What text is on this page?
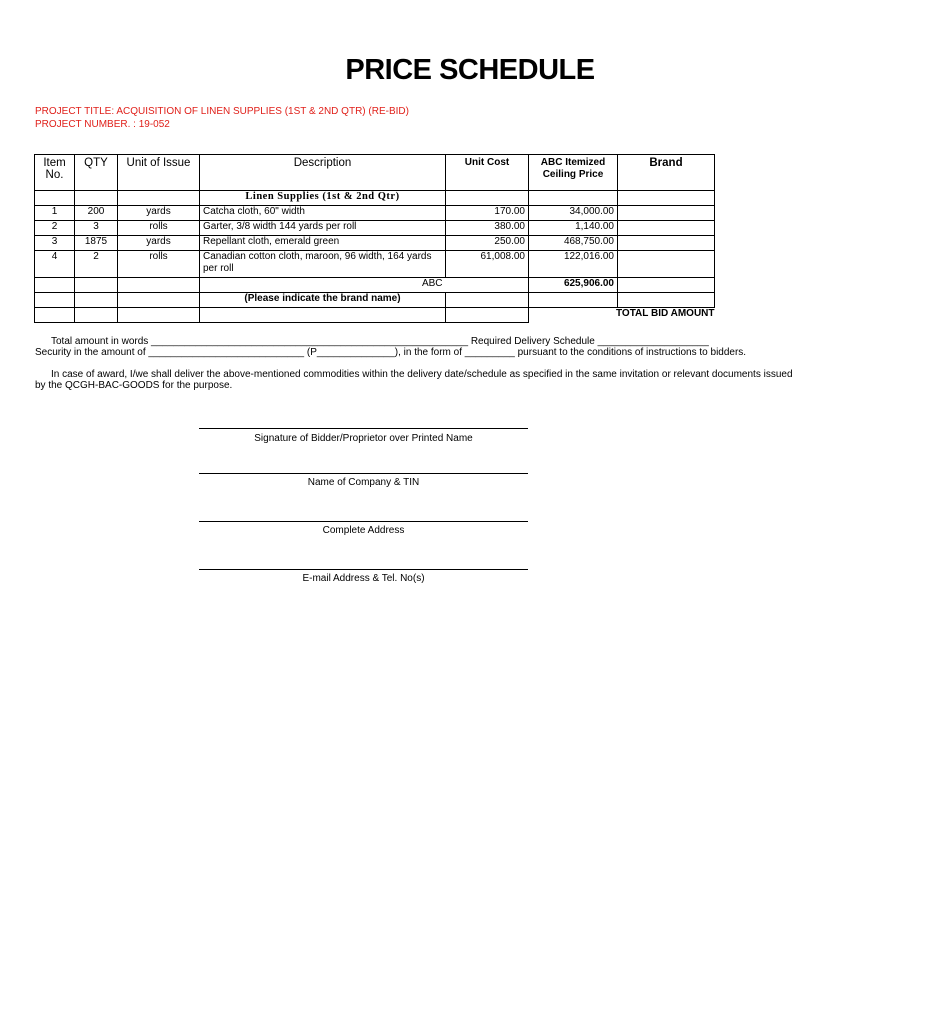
PRICE SCHEDULE
PROJECT TITLE: ACQUISITION OF LINEN SUPPLIES (1ST & 2ND QTR) (RE-BID)
PROJECT NUMBER. : 19-052
Item No.	QTY	Unit of Issue	Description	Unit Cost	ABC Itemized Ceiling Price	Brand
			Linen Supplies (1st & 2nd Qtr)			
1	200	yards	Catcha cloth, 60" width	170.00	34,000.00	
2	3	rolls	Garter, 3/8 width 144 yards per roll	380.00	1,140.00	
3	1875	yards	Repellant cloth, emerald green	250.00	468,750.00	
4	2	rolls	Canadian cotton cloth, maroon, 96 width, 164 yards per roll	61,008.00	122,016.00	
			ABC		625,906.00	
			(Please indicate the brand name)			
					TOTAL BID AMOUNT	
Total amount in words _________________________________________________________ Required Delivery Schedule ____________________
Security in the amount of ____________________________ (P______________), in the form of _________ pursuant to the conditions of instructions to bidders.
In case of award, I/we shall deliver the above-mentioned commodities within the delivery date/schedule as specified in the same invitation or relevant documents issued
by the QCGH-BAC-GOODS for the purpose.
Signature of Bidder/Proprietor over Printed Name
Name of Company & TIN
Complete Address
E-mail Address & Tel. No(s)
